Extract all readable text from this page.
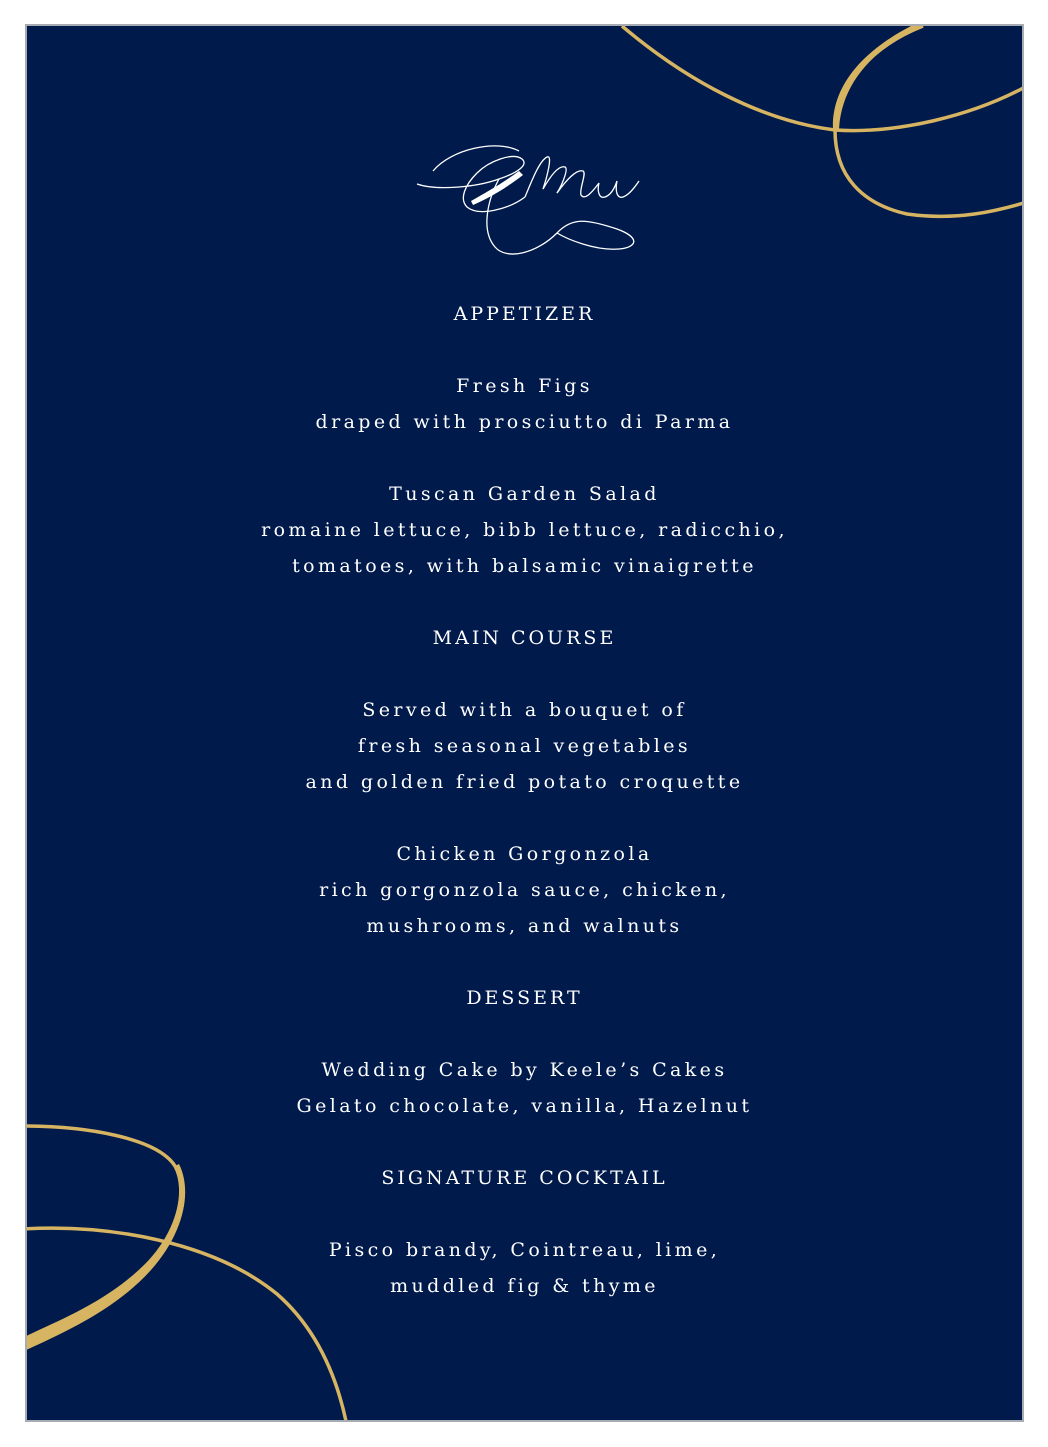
APPETIZER
Fresh Figs
draped with prosciutto di Parma
Tuscan Garden Salad
romaine lettuce, bibb lettuce, radicchio,
tomatoes, with balsamic vinaigrette
MAIN COURSE
Served with a bouquet of
fresh seasonal vegetables
and golden fried potato croquette
Chicken Gorgonzola
rich gorgonzola sauce, chicken,
mushrooms, and walnuts
DESSERT
Wedding Cake by Keele’s Cakes
Gelato chocolate, vanilla, Hazelnut
SIGNATURE COCKTAIL
Pisco brandy, Cointreau, lime,
muddled fig & thyme
